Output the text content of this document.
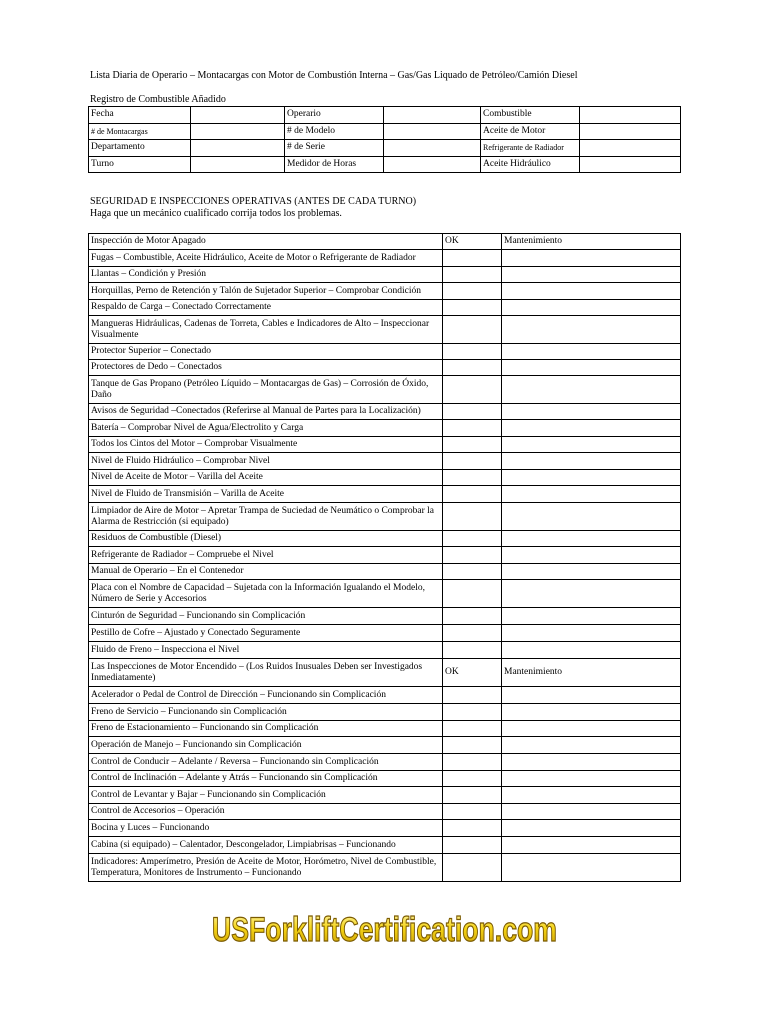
Lista Diaria de Operario – Montacargas con Motor de Combustión Interna – Gas/Gas Liquado de Petróleo/Camión Diesel
Registro de Combustible Añadido
Fecha		Operario		Combustible	
# de Montacargas		# de Modelo		Aceite de Motor	
Departamento		# de Serie		Refrigerante de Radiador	
Turno		Medidor de Horas		Aceite Hidráulico	
SEGURIDAD E INSPECCIONES OPERATIVAS (ANTES DE CADA TURNO)
Haga que un mecánico cualificado corrija todos los problemas.
Inspección de Motor Apagado	OK	Mantenimiento
Fugas – Combustible, Aceite Hidráulico, Aceite de Motor o Refrigerante de Radiador		
Llantas – Condición y Presión		
Horquillas, Perno de Retención y Talón de Sujetador Superior – Comprobar Condición		
Respaldo de Carga – Conectado Correctamente		
Mangueras Hidráulicas, Cadenas de Torreta, Cables e Indicadores de Alto – Inspeccionar Visualmente		
Protector Superior – Conectado		
Protectores de Dedo – Conectados		
Tanque de Gas Propano (Petróleo Líquido – Montacargas de Gas) – Corrosión de Óxido, Daño		
Avisos de Seguridad –Conectados (Referirse al Manual de Partes para la Localización)		
Batería – Comprobar Nivel de Agua/Electrolito y Carga		
Todos los Cintos del Motor – Comprobar Visualmente		
Nivel de Fluido Hidráulico – Comprobar Nivel		
Nivel de Aceite de Motor – Varilla del Aceite		
Nivel de Fluido de Transmisión – Varilla de Aceite		
Limpiador de Aire de Motor – Apretar Trampa de Suciedad de Neumático o Comprobar la Alarma de Restricción (si equipado)		
Residuos de Combustible (Diesel)		
Refrigerante de Radiador – Compruebe el Nivel		
Manual de Operario – En el Contenedor		
Placa con el Nombre de Capacidad – Sujetada con la Información Igualando el Modelo, Número de Serie y Accesorios		
Cinturón de Seguridad – Funcionando sin Complicación		
Pestillo de Cofre – Ajustado y Conectado Seguramente		
Fluido de Freno – Inspecciona el Nivel		
Las Inspecciones de Motor Encendido – (Los Ruidos Inusuales Deben ser Investigados Inmediatamente)	OK	Mantenimiento
Acelerador o Pedal de Control de Dirección – Funcionando sin Complicación		
Freno de Servicio – Funcionando sin Complicación		
Freno de Estacionamiento – Funcionando sin Complicación		
Operación de Manejo – Funcionando sin Complicación		
Control de Conducir – Adelante / Reversa – Funcionando sin Complicación		
Control de Inclinación – Adelante y Atrás – Funcionando sin Complicación		
Control de Levantar y Bajar – Funcionando sin Complicación		
Control de Accesorios – Operación		
Bocina y Luces – Funcionando		
Cabina (si equipado) – Calentador, Descongelador, Limpiabrisas – Funcionando		
Indicadores: Amperímetro, Presión de Aceite de Motor, Horómetro, Nivel de Combustible, Temperatura, Monitores de Instrumento – Funcionando		
USForkliftCertification.com
